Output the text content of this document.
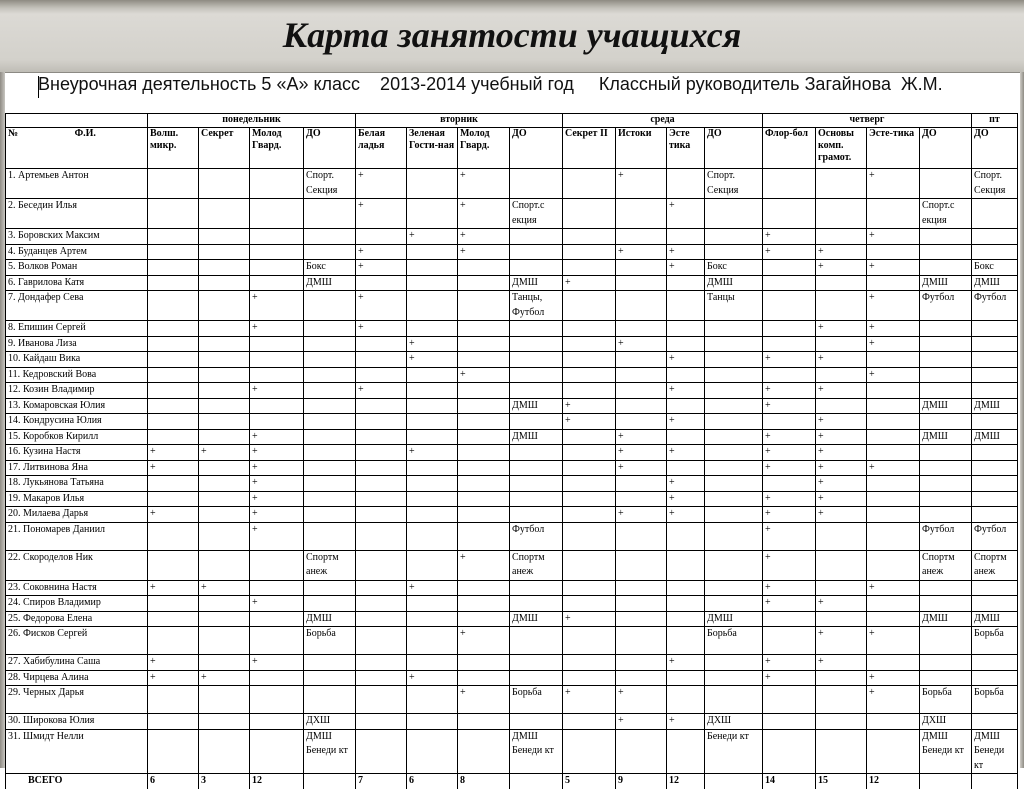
Карта занятости учащихся
Внеурочная деятельность 5 «А» класс    2013-2014 учебный год     Классный руководитель Загайнова  Ж.М.
	понедельник				вторник				среда				четверг				пт
№ Ф.И.	Волш. микр.	Секрет	Молод Гвард.	ДО	Белая ладья	Зеленая Гости-ная	Молод Гвард.	ДО	Секрет II	Истоки	Эсте тика	ДО	Флор-бол	Основы комп. грамот.	Эсте-тика	ДО	ДО
1. Артемьев Антон				Спорт. Секция	+		+			+		Спорт. Секция			+		Спорт. Секция
2. Беседин Илья					+		+	Спорт.с екция			+					Спорт.с екция	
3. Боровских Максим						+	+						+		+		
4. Буданцев Артем					+		+			+	+		+	+			
5. Волков Роман				Бокс	+						+	Бокс		+	+		Бокс
6. Гаврилова Катя				ДМШ				ДМШ	+			ДМШ				ДМШ	ДМШ
7. Дондафер Сева			+		+			Танцы, Футбол				Танцы			+	Футбол	Футбол
8. Епишин Сергей			+		+									+	+		
9. Иванова Лиза						+				+					+		
10. Кайдаш Вика						+					+		+	+			
11. Кедровский Вова							+								+		
12. Козин Владимир			+		+						+		+	+			
13. Комаровская Юлия								ДМШ	+				+			ДМШ	ДМШ
14. Кондрусина Юлия									+		+			+			
15. Коробков Кирилл			+					ДМШ		+			+	+		ДМШ	ДМШ
16. Кузина Настя	+	+	+			+				+	+		+	+			
17. Литвинова Яна	+		+							+			+	+	+		
18. Лукьянова Татьяна			+								+			+			
19. Макаров Илья			+								+		+	+			
20. Милаева Дарья	+		+							+	+		+	+			
21. Пономарев Даниил			+					Футбол					+			Футбол	Футбол
22. Скороделов Ник				Спортм анеж			+	Спортм анеж					+			Спортм анеж	Спортм анеж
23. Соковнина Настя	+	+				+							+		+		
24. Спиров Владимир			+										+	+			
25. Федорова Елена				ДМШ				ДМШ	+			ДМШ				ДМШ	ДМШ
26. Фисков Сергей				Борьба			+					Борьба		+	+		Борьба
27. Хабибулина Саша	+		+								+		+	+			
28. Чирцева Алина	+	+				+							+		+		
29. Черных Дарья							+	Борьба	+	+					+	Борьба	Борьба
30. Широкова Юлия				ДХШ						+	+	ДХШ				ДХШ	
31. Шмидт Нелли				ДМШ Бенеди кт				ДМШ Бенеди кт				Бенеди кт				ДМШ Бенеди кт	ДМШ Бенеди кт
ВСЕГО	6	3	12		7	6	8		5	9	12		14	15	12		
